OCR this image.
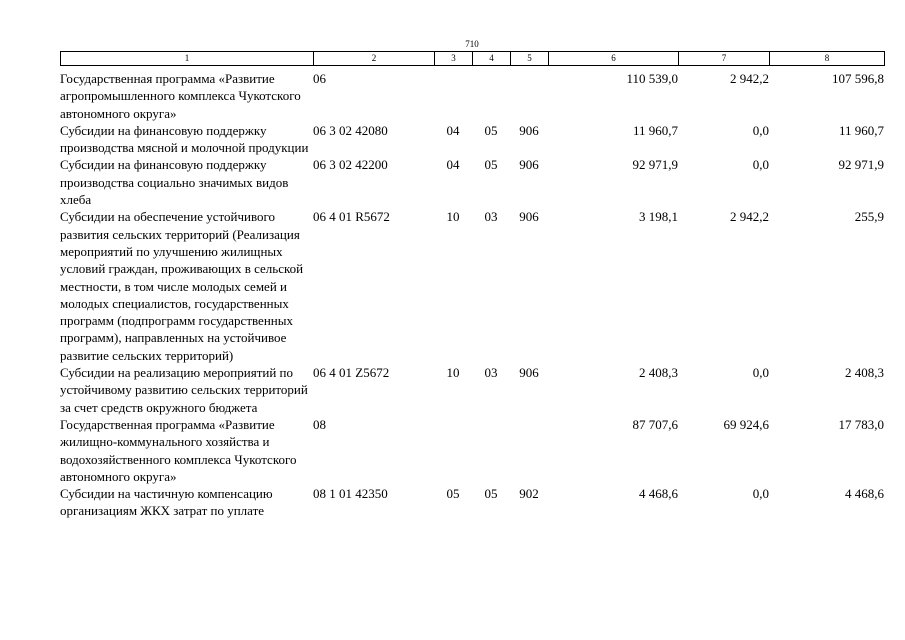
710
1	2	3	4	5	6	7	8
Государственная программа «Развитие агропромышленного комплекса Чукотского автономного округа»	06				110 539,0	2 942,2	107 596,8
Субсидии на финансовую поддержку производства мясной и молочной продукции	06 3 02 42080	04	05	906	11 960,7	0,0	11 960,7
Субсидии на финансовую поддержку производства социально значимых видов хлеба	06 3 02 42200	04	05	906	92 971,9	0,0	92 971,9
Субсидии на обеспечение устойчивого развития сельских территорий (Реализация мероприятий по улучшению жилищных условий граждан, проживающих в сельской местности, в том числе молодых семей и молодых специалистов, государственных программ (подпрограмм государственных программ), направленных на устойчивое развитие сельских территорий)	06 4 01 R5672	10	03	906	3 198,1	2 942,2	255,9
Субсидии на реализацию мероприятий по устойчивому развитию сельских территорий за счет средств окружного бюджета	06 4 01 Z5672	10	03	906	2 408,3	0,0	2 408,3
Государственная программа «Развитие жилищно-коммунального хозяйства и водохозяйственного комплекса Чукотского автономного округа»	08				87 707,6	69 924,6	17 783,0
Субсидии на частичную компенсацию организациям ЖКХ затрат по уплате	08 1 01 42350	05	05	902	4 468,6	0,0	4 468,6
